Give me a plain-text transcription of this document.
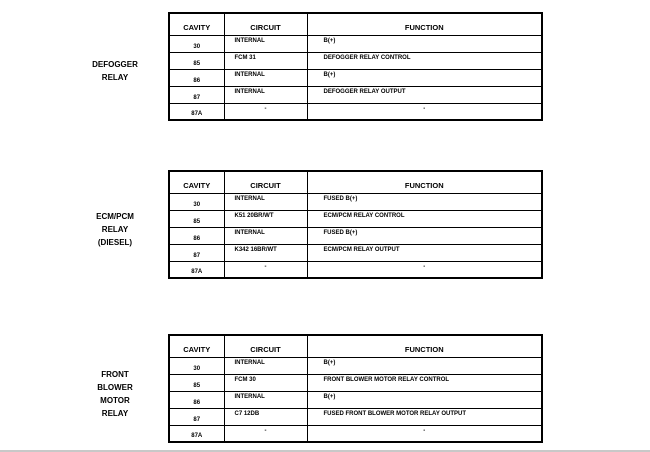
DEFOGGER
RELAY
CAVITY	CIRCUIT	FUNCTION
30	INTERNAL	B(+)
85	FCM 31	DEFOGGER RELAY CONTROL
86	INTERNAL	B(+)
87	INTERNAL	DEFOGGER RELAY OUTPUT
87A	-	-
ECM/PCM
RELAY
(DIESEL)
CAVITY	CIRCUIT	FUNCTION
30	INTERNAL	FUSED B(+)
85	K51 20BR/WT	ECM/PCM RELAY CONTROL
86	INTERNAL	FUSED B(+)
87	K342 16BR/WT	ECM/PCM RELAY OUTPUT
87A	-	-
FRONT
BLOWER
MOTOR
RELAY
CAVITY	CIRCUIT	FUNCTION
30	INTERNAL	B(+)
85	FCM 30	FRONT BLOWER MOTOR RELAY CONTROL
86	INTERNAL	B(+)
87	C7 12DB	FUSED FRONT BLOWER MOTOR RELAY OUTPUT
87A	-	-
